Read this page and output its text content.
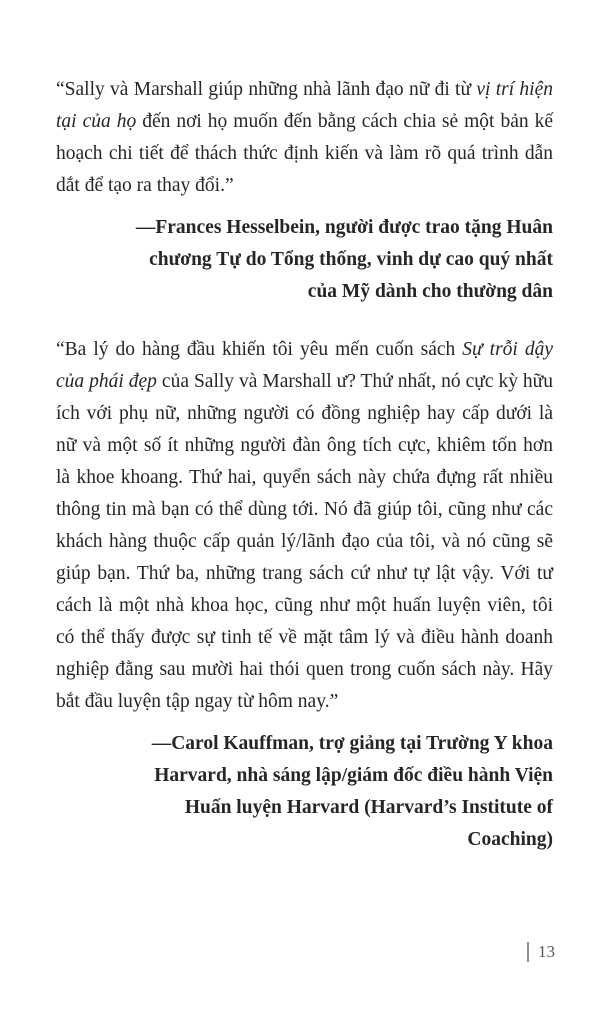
“Sally và Marshall giúp những nhà lãnh đạo nữ đi từ vị trí hiện tại của họ đến nơi họ muốn đến bằng cách chia sẻ một bản kế hoạch chi tiết để thách thức định kiến và làm rõ quá trình dẫn dắt để tạo ra thay đổi.”

—Frances Hesselbein, người được trao tặng Huân chương Tự do Tổng thống, vinh dự cao quý nhất của Mỹ dành cho thường dân

“Ba lý do hàng đầu khiến tôi yêu mến cuốn sách Sự trỗi dậy của phái đẹp của Sally và Marshall ư? Thứ nhất, nó cực kỳ hữu ích với phụ nữ, những người có đồng nghiệp hay cấp dưới là nữ và một số ít những người đàn ông tích cực, khiêm tốn hơn là khoe khoang. Thứ hai, quyển sách này chứa đựng rất nhiều thông tin mà bạn có thể dùng tới. Nó đã giúp tôi, cũng như các khách hàng thuộc cấp quản lý/lãnh đạo của tôi, và nó cũng sẽ giúp bạn. Thứ ba, những trang sách cứ như tự lật vậy. Với tư cách là một nhà khoa học, cũng như một huấn luyện viên, tôi có thể thấy được sự tinh tế về mặt tâm lý và điều hành doanh nghiệp đằng sau mười hai thói quen trong cuốn sách này. Hãy bắt đầu luyện tập ngay từ hôm nay.”

—Carol Kauffman, trợ giảng tại Trường Y khoa Harvard, nhà sáng lập/giám đốc điều hành Viện Huấn luyện Harvard (Harvard’s Institute of Coaching)

13
